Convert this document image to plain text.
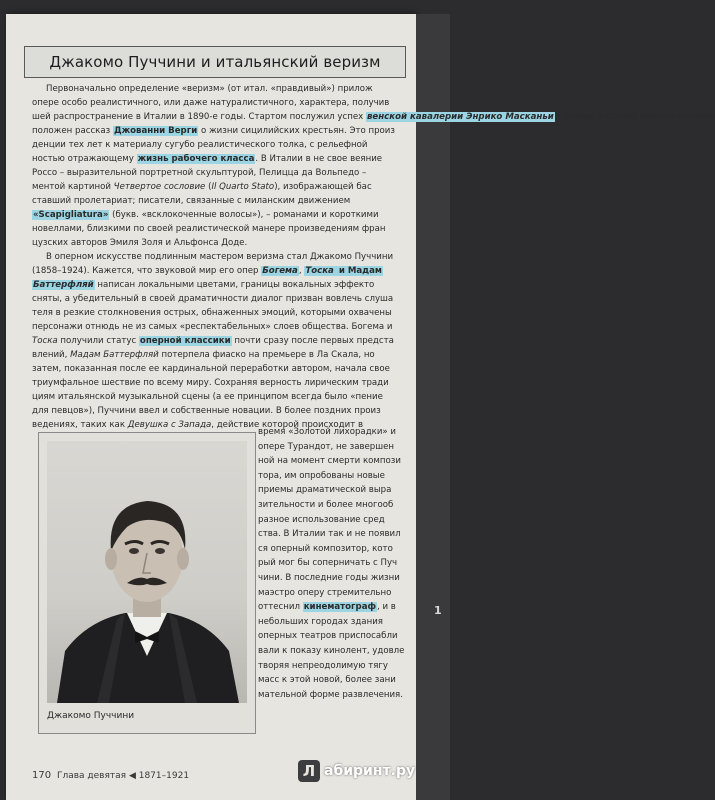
1
Джакомо Пуччини и итальянский веризм

Первоначально определение «веризм» (от итал. «правдивый») прилож
опере особо реалистичного, или даже натуралистичного, характера, получив
шей распространение в Италии в 1890-е годы. Стартом послужил успех венской кавалерии Энрико Масканьи – оперы, в основу сюжета которой
положен рассказ Джованни Верги о жизни сицилийских крестьян. Это произ
денции тех лет к материалу сугубо реалистического толка, с рельефной
ностью отражающему жизнь рабочего класса. В Италии в не свое веяние
Россо – выразительной портретной скульптурой, Пелицца да Вольпедо –
ментой картиной Четвертое сословие (Il Quarto Stato), изображающей бас
ставший пролетариат; писатели, связанные с миланским движением
«Scapigliatura» (букв. «всклокоченные волосы»), – романами и короткими
новеллами, близкими по своей реалистической манере произведениям фран
цузских авторов Эмиля Золя и Альфонса Доде.

В оперном искусстве подлинным мастером веризма стал Джакомо Пуччини
(1858–1924). Кажется, что звуковой мир его опер Богема, Тоска и Мадам
Баттерфляй написан локальными цветами, границы вокальных эффекто
сняты, а убедительный в своей драматичности диалог призван вовлечь слуша
теля в резкие столкновения острых, обнаженных эмоций, которыми охвачены
персонажи отнюдь не из самых «респектабельных» слоев общества. Богема и
Тоска получили статус оперной классики почти сразу после первых предста
влений, Мадам Баттерфляй потерпела фиаско на премьере в Ла Скала, но
затем, показанная после ее кардинальной переработки автором, начала свое
триумфальное шествие по всему миру. Сохраняя верность лирическим тради
циям итальянской музыкальной сцены (а ее принципом всегда было «пение
для певцов»), Пуччини ввел и собственные новации. В более поздних произ
ведениях, таких как Девушка с Запада, действие которой происходит в

Джакомо Пуччини
время «Золотой лихорадки» и
опере Турандот, не завершен
ной на момент смерти компози
тора, им опробованы новые
приемы драматической выра
зительности и более многооб
разное использование сред
ства. В Италии так и не появил
ся оперный композитор, кото
рый мог бы соперничать с Пуч
чини. В последние годы жизни
маэстро оперу стремительно
оттеснил кинематограф, и в
небольших городах здания
оперных театров приспосабли
вали к показу кинолент, удовле
творяя непреодолимую тягу
масс к этой новой, более зани
мательной форме развлечения.
170 Глава девятая ◀ 1871–1921	Л абиринт.ру
